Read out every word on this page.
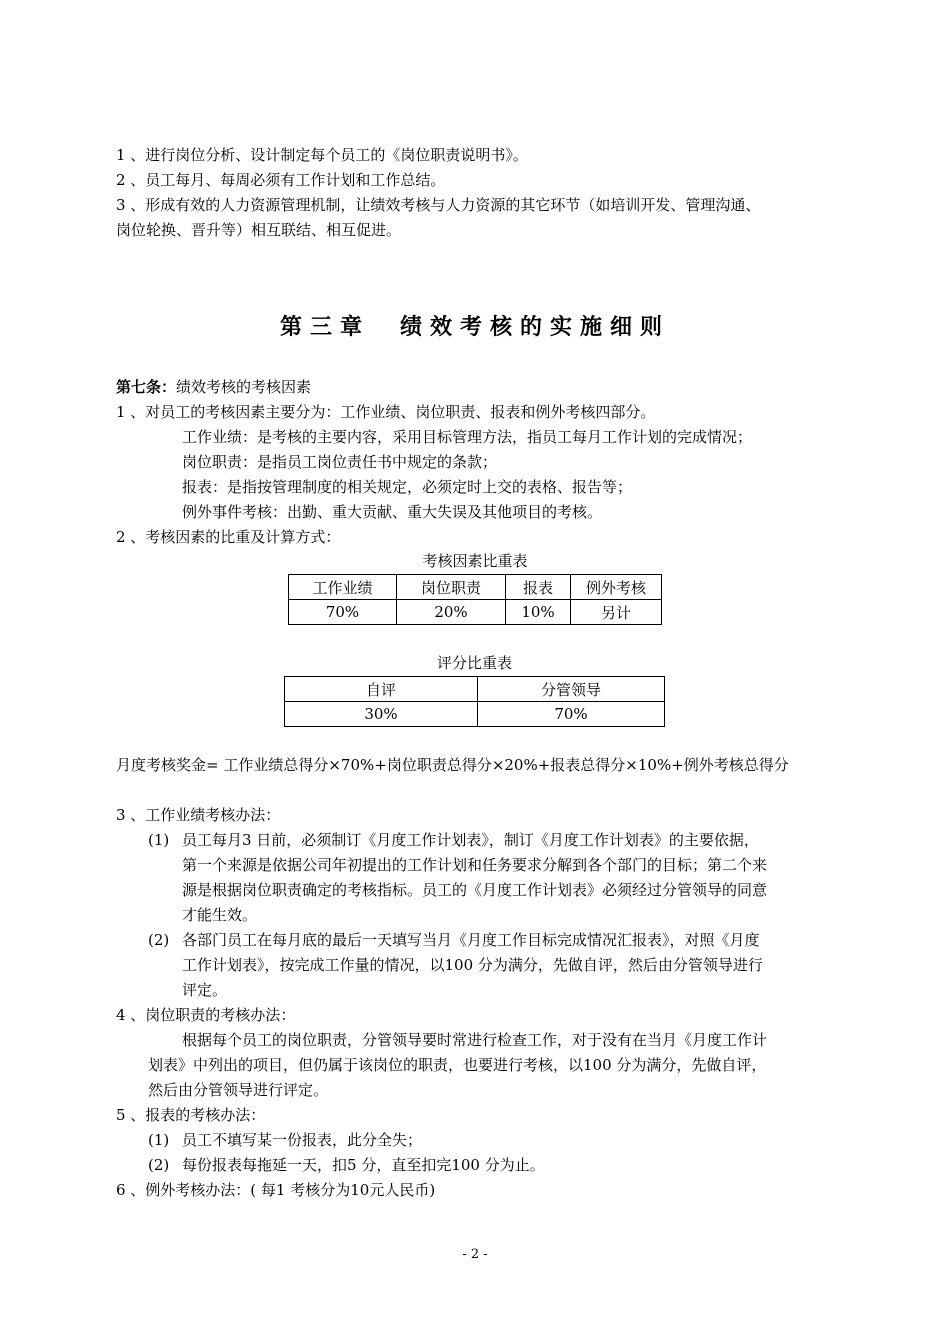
1 、进行岗位分析、设计制定每个员工的《岗位职责说明书》。
2 、员工每月、每周必须有工作计划和工作总结。
3 、形成有效的人力资源管理机制，让绩效考核与人力资源的其它环节（如培训开发、管理沟通、
岗位轮换、晋升等）相互联结、相互促进。
第三章 绩效考核的实施细则
第七条：绩效考核的考核因素
1 、对员工的考核因素主要分为：工作业绩、岗位职责、报表和例外考核四部分。
工作业绩：是考核的主要内容，采用目标管理方法，指员工每月工作计划的完成情况；
岗位职责：是指员工岗位责任书中规定的条款；
报表：是指按管理制度的相关规定，必须定时上交的表格、报告等；
例外事件考核：出勤、重大贡献、重大失误及其他项目的考核。
2 、考核因素的比重及计算方式：
考核因素比重表
工作业绩	岗位职责	报表	例外考核
70%	20%	10%	另计
评分比重表
自评	分管领导
30%	70%
月度考核奖金= 工作业绩总得分×70%+岗位职责总得分×20%+报表总得分×10%+例外考核总得分
3 、工作业绩考核办法：
(1) 员工每月3 日前，必须制订《月度工作计划表》，制订《月度工作计划表》的主要依据，
第一个来源是依据公司年初提出的工作计划和任务要求分解到各个部门的目标；第二个来
源是根据岗位职责确定的考核指标。员工的《月度工作计划表》必须经过分管领导的同意
才能生效。
(2) 各部门员工在每月底的最后一天填写当月《月度工作目标完成情况汇报表》，对照《月度
工作计划表》，按完成工作量的情况，以100 分为满分，先做自评，然后由分管领导进行
评定。
4 、岗位职责的考核办法：
根据每个员工的岗位职责，分管领导要时常进行检查工作，对于没有在当月《月度工作计
划表》中列出的项目，但仍属于该岗位的职责，也要进行考核，以100 分为满分，先做自评，
然后由分管领导进行评定。
5 、报表的考核办法：
(1) 员工不填写某一份报表，此分全失；
(2) 每份报表每拖延一天，扣5 分，直至扣完100 分为止。
6 、例外考核办法：( 每1 考核分为10元人民币)
- 2 -
